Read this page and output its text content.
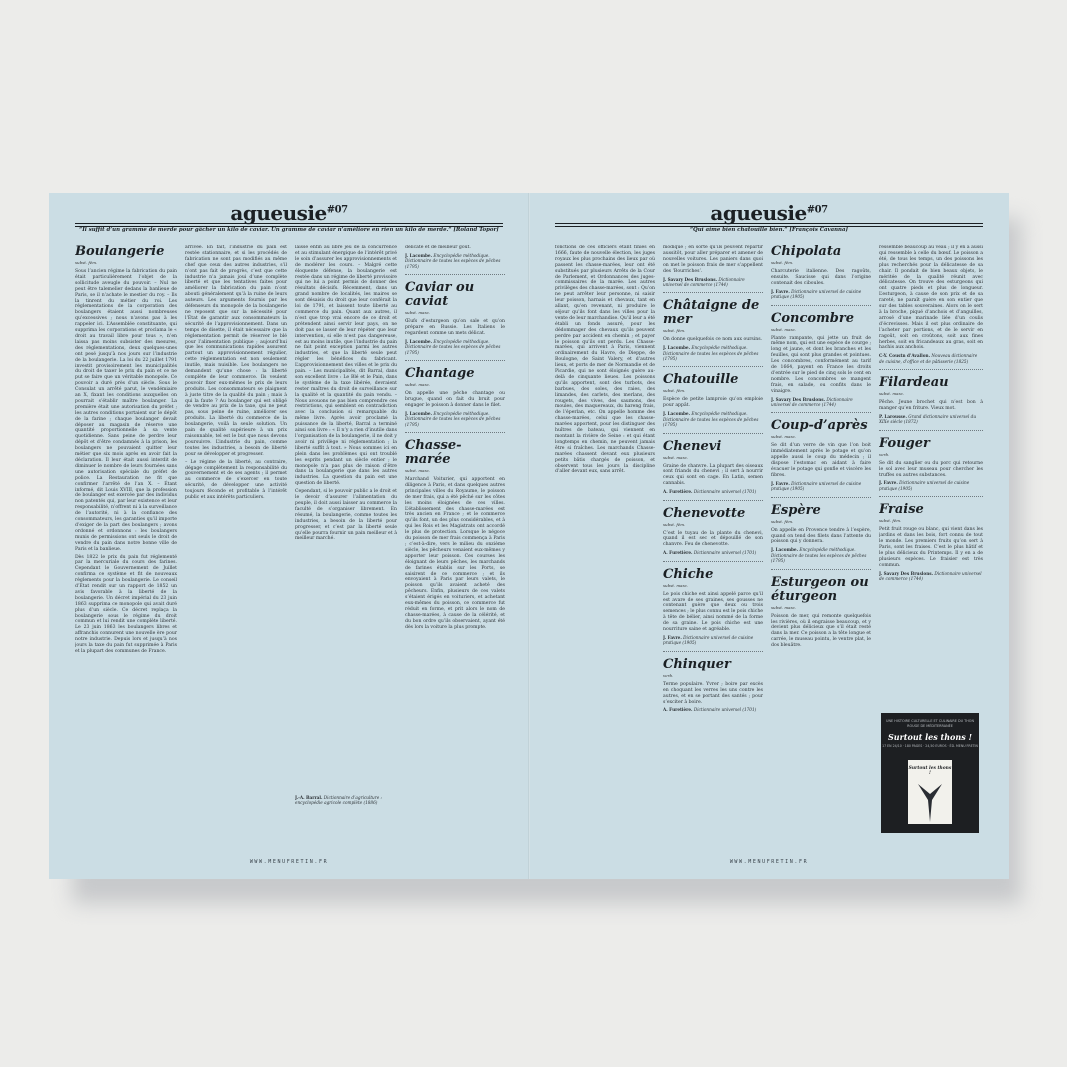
agueusie$^{\#07}$
“Il suffit d’un gramme de merde pour gâcher un kilo de caviar. Un gramme de caviar n’améliore en rien un kilo de merde.” [Roland Topor]
Boulangerie
subst. fém.

Sous l’ancien régime la fabrication du pain était particulièrement l’objet de la sollicitude aveugle du pouvoir. – Nul ne peut être talemelier dedans la banlieue de Paris, se il n’achate le mestier du roy. – Ils la tinrent du métier du roi. Les réglementations de la corporation des boulangers étaient aussi nombreuses qu’excessives ; nous n’avons pas à les rappeler ici. L’Assemblée constituante, qui supprima les corporations et proclama le « droit au travail libre pour tous », n’en laissa pas moins subsister des mesures, des règlementations, deux quelques-unes ont pesé jusqu’à nos jours sur l’industrie de la boulangerie. La loi du 22 juillet 1791 investit provisoirement les municipalités du droit de taxer le prix du pain et ce ne put se faire que un véritable monopole. Ce pouvoir a duré près d’un siècle. Sous le Consulat un arrêté parut, le vendémiaire an X, fixant les conditions auxquelles on pourrait s’établir maître boulanger. La première était une autorisation du préfet ; les autres conditions portaient sur le dépôt de la farine ; chaque boulanger devait déposer au magasin de réserve une quantité proportionnelle à sa vente quotidienne. Sans peine de perdre leur dépôt et d’être condamnés à la prison, les boulangers ne pouvaient quitter leur métier que six mois après en avoir fait la déclaration. Il leur était aussi interdit de diminuer le nombre de leurs fournées sans une autorisation spéciale du préfet de police. La Restauration ne fit que confirmer l’arrêté de l’an X. – Étant informé, dit Louis XVIII, que la profession de boulanger est exercée par des individus non patentés qui, par leur existence et leur responsabilité, n’offrent ni à la surveillance de l’autorité, ni à la confiance des consommateurs, les garanties qu’il importe d’exiger de la part des boulangers ; avons ordonné et ordonnons : les boulangers munis de permissions ont seuls le droit de vendre du pain dans notre bonne ville de Paris et la banlieue.

Dès 1822 le prix du pain fut réglementé par la mercuriale du cours des farines. Cependant le Gouvernement de Juillet confirma ce système et fit de nouveaux règlements pour la boulangerie. Le conseil d’État rendit sur un rapport de 1852 un avis favorable à la liberté de la boulangerie. Un décret impérial du 23 juin 1863 supprima ce monopole qui avait duré plus d’un siècle. Ce décret replaça la boulangerie sous le régime du droit commun et lui rendit une complète liberté. Le 23 juin 1863 les boulangers libres et affranchis connurent une nouvelle ère pour notre industrie. Depuis lors et jusqu’à nos jours la taxe du pain fut supprimée à Paris et la plupart des communes de France.

arrivée. En fait, l’industrie du pain est restée stationnaire, et si les procédés de fabrication ne sont pas modifiés au même chef que ceux des autres industries, s’il n’ont pas fait de progrès, c’est que cette industrie n’a jamais joui d’une complète liberté et que les tentatives faites pour améliorer la fabrication du pain n’ont abouti généralement qu’à la ruine de leurs auteurs. Les arguments fournis par les défenseurs du monopole de la boulangerie ne reposent que sur la nécessité pour l’État de garantir aux consommateurs la sécurité de l’approvisionnement. Dans un temps de disette, il était nécessaire que la réglementation permit de réserver le blé pour l’alimentation publique ; aujourd’hui que les communications rapides assurent partout un approvisionnement régulier, cette réglementation est non seulement inutile, mais nuisible. Les boulangers ne demandent qu’une chose : la liberté complète de leur commerce. Ils veulent pouvoir fixer eux-mêmes le prix de leurs produits. Les consommateurs se plaignent à juste titre de la qualité du pain ; mais à qui la faute ? Au boulanger qui est obligé de vendre au prix de la taxe, qui ne peut pas, sous peine de ruine, améliorer ses produits. La liberté du commerce de la boulangerie, voilà la seule solution. Un pain de qualité supérieure à un prix raisonnable, tel est le but que nous devons poursuivre. L’industrie du pain, comme toutes les industries, a besoin de liberté pour se développer et progresser.

– Le régime de la liberté, au contraire, dégage complètement la responsabilité du gouvernement et de ses agents ; il permet au commerce de s’exercer en toute sécurité, de développer une activité toujours féconde et profitable à l’intérêt public et aux intérêts particuliers.

laisse enfin au libre jeu de la concurrence et au stimulant énergique de l’intérêt privé le soin d’assurer les approvisionnements et de modérer les cours. – Malgré cette éloquente défense, la boulangerie est restée dans un régime de liberté provisoire qui ne lui a point permis de donner des résultats décisifs. Récemment, dans un grand nombre de localités, les maires se sont désaisis du droit que leur conférait la loi de 1791, et laissent toute liberté au commerce du pain. Quant aux autres, il n’est que trop vrai encore de ce droit et prétendent ainsi servir leur pays, on ne doit pas se lasser de leur répéter que leur intervention, si elle n’est pas dangereuse, est au moins inutile, que l’industrie du pain ne fait point exception parmi les autres industries, et que la liberté seule peut régler les bénéfices du fabricant. L’approvisionnement des villes et le prix du pain. – Les municipalités, dit Barral, dans son excellent livre : Le Blé et le Pain, dans le système de la taxe libérée, devraient rester maîtres du droit de surveillance sur la qualité et la quantité du pain vendu. – Nous avouons ne pas bien comprendre ces restrictions, qui semblent en contradiction avec la conclusion si remarquable du même livre. Après avoir proclamé la puissance de la liberté, Barral a terminé ainsi son livre : « Il n’y a rien d’inutile dans l’organisation de la boulangerie, il ne doit y avoir ni privilège ni réglementation ; la liberté suffit à tout. » Nous sommes ici en plein dans les problèmes qui ont troublé les esprits pendant un siècle entier ; le monopole n’a pas plus de raison d’être dans la boulangerie que dans les autres industries. La question du pain est une question de liberté.

Cependant, si le pouvoir public a le droit et le devoir d’assurer l’alimentation du peuple, il doit aussi laisser au commerce la faculté de s’organiser librement. En résumé, la boulangerie, comme toutes les industries, a besoin de la liberté pour progresser, et c’est par la liberté seule qu’elle pourra fournir un pain meilleur et à meilleur marché.

J.-A. Barral. Dictionnaire d’agriculture : encyclopédie agricole complète (1886)
délicate et de meilleur goût.
J. Lacombe. Encyclopédie méthodique. Dictionnaire de toutes les espèces de pêches (1795)
Caviar ou caviat
subst. masc.
Œufs d’esturgeon qu’on sale et qu’on prépare en Russie. Les Italiens le regardent comme un mets délicat.
J. Lacombe. Encyclopédie méthodique. Dictionnaire de toutes les espèces de pêches (1795)
Chantage
subst. masc.
On appelle une pêche chantage ou brugue, quand on fait du bruit pour engager le poisson à donner dans le filet.
J. Lacombe. Encyclopédie méthodique. Dictionnaire de toutes les espèces de pêches (1795)
Chasse-marée
subst. masc.
Marchand Voiturier, qui apportent en diligence à Paris, et dans quelques autres principales villes du Royaume, le poisson de mer frais, qui a été pêché sur les côtes les moins éloignées de ces villes. L’établissement des chasse-marées est très ancien en France ; et le commerce qu’ils font, un des plus considérables, et à qui les Rois et les Magistrats ont accordé le plus de protection. Lorsque le négoce du poisson de mer frais commença à Paris ; c’est-à-dire, vers le milieu du onzième siècle, les pêcheurs venaient eux-mêmes y apporter leur poisson. Ces courses les éloignant de leurs pêches, les marchands de farines établis sur les Ports, se saisirent de ce commerce ; et ils envoyaient à Paris par leurs valets, le poisson qu’ils avaient acheté des pêcheurs. Enfin, plusieurs de ces valets s’étaient érigés en voituriers, et achetant eux-mêmes du poisson, ce commerce fut réduit en forme, et prit alors le nom de chasse-marées, à cause de la célérité, et du bon ordre qu’ils observaient, ayant été dès lors la voiture la plus prompte.
WWW.MENUFRETIN.FR
agueusie$^{\#07}$
“Qui aime bien chatouille bien.” [François Cavanna]
fonctions de ces officiers étant finies en 1666, faute de nouvelle élection, les juges royaux les plus prochains des lieux par où passent les chasse-marées, leur ont été substitués par plusieurs Arrêts de la Cour de Parlement, et Ordonnances des juges-commissaires de la marée. Les autres privilèges des chasse-marées, sont : Qu’on ne peut arrêter leur personne, ni saisir leur poisson, harnais et chevaux, tant en allant, qu’en revenant, ni produire le séjour qu’ils font dans les villes pour la vente de leur marchandise. Qu’il leur a été établi un fonds assuré, pour les dédommager des chevaux qu’ils peuvent perdre par accident en chemin ; et payer le poisson qu’ils ont perdu. Les Chasse-marées, qui arrivent à Paris, viennent ordinairement du Havre, de Dieppe, de Boulogne, de Saint Valery, et d’autres lieux, et ports de mer de Normandie et de Picardie, qui ne sont éloignés guère au-delà de cinquante lieues. Les poissons qu’ils apportent, sont des turbots, des barbues, des soles, des raies, des limandes, des carlets, des merlans, des rougets, des vives, des saumons, des moules, des maquereaux, du hareng frais, de l’éperlan, etc. On appelle homme des chasse-marées, celui que les chasse-marées apportent, pour les distinguer des huîtres de bateau, qui viennent en montant la rivière de Seine : et qui étant longtemps en chemin, ne peuvent jamais être si fraîches. Les marchands Chasse-marées chassent devant eux plusieurs petits bâtis chargés de poisson, et observent tous les jours la discipline d’aller devant eux, sans arrêt.
modique ; en sorte qu’ils peuvent repartir aussitôt, pour aller préparer et amener de nouvelles voitures. Les paniers dans quoi on met le poisson frais de mer s’appellent des ‘Bourriches’.
J. Savary Des Bruslons. Dictionnaire universel de commerce (1744)
Châtaigne de mer
subst. fém.
On donne quelquefois ce nom aux oursins.
J. Lacombe. Encyclopédie méthodique. Dictionnaire de toutes les espèces de pêches (1795)
Chatouille
subst. fém.
Espèce de petite lamproie qu’on emploie pour appât.
J. Lacombe. Encyclopédie méthodique. Dictionnaire de toutes les espèces de pêches (1795)
Chenevi
subst. masc.
Graine de chanvre. La plupart des oiseaux sont friands du chenevi ; il sert à nourrir ceux qui sont en cage. En Latin, semen cannabis.
A. Furetière. Dictionnaire universel (1701)
Chenevotte
subst. fém.
C’est le tuyau de la plante du chenevi, quand il est sec et dépouillé de son chanvre. Feu de chenevotte.
A. Furetière. Dictionnaire universel (1701)
Chiche
subst. masc.
Le pois chiche est ainsi appelé parce qu’il est avare de ses graines, ses gousses ne contenant guère que deux ou trois semences ; le plus connu est le pois chiche à tête de bélier, ainsi nommé de la forme de sa graine. Le pois chiche est une nourriture saine et agréable.
J. Favre. Dictionnaire universel de cuisine pratique (1905)
Chinquer
verb.
Terme populaire. Yvrer ; boire par excès en choquant les verres les uns contre les autres, et en se portant des santés ; pour s’exciter à boire.
A. Furetière. Dictionnaire universel (1701)
Chipolata
subst. fém.
Charcuterie italienne. Des ragoûts, ensuite. Saucisse qui dans l’origine contenait des ciboules.
J. Favre. Dictionnaire universel de cuisine pratique (1905)
Concombre
subst. masc.
Plante rampante, qui jette un fruit de même nom, qui est une espèce de courge ; long et jaune, et dont les branches et les feuilles, qui sont plus grandes et pointues. Les concombres, conformément au tarif de 1664, payent en France les droits d’entrée sur le pied de cinq sols le cent en nombre. Les concombres se mangent frais, en salade, ou confits dans le vinaigre.
J. Savary Des Bruslons. Dictionnaire universel de commerce (1744)
Coup-d’après
subst. masc.
Se dit d’un verre de vin que l’on boit immédiatement après le potage et qu’on appelle aussi le coup du médecin ; il dispose l’estomac en aidant à faire évacuer le potage qui gonfle et viscère les fibres.
J. Favre. Dictionnaire universel de cuisine pratique (1905)
Espère
subst. fém.
On appelle en Provence tendre à l’espère, quand on tend des filets dans l’attente du poisson qui y donnera.
J. Lacombe. Encyclopédie méthodique. Dictionnaire de toutes les espèces de pêches (1795)
Esturgeon ou éturgeon
subst. masc.
Poisson de mer, qui remonte quelquefois les rivières, où il engraisse beaucoup, et y devient plus délicieux que s’il était resté dans la mer. Ce poisson a la tête longue et carrée, le museau pointu, le ventre plat, le dos bleuâtre.
ressemble beaucoup au veau ; il y en a aussi qui ressemble à celle du bœuf. Le poisson a été, de tous les temps, un des poissons les plus recherchés pour la délicatesse de sa chair. Il pondait de bien beaux objets, le méritée de la qualité réunit avec délicatesse. On trouve des esturgeons qui ont quatre pieds et plus de longueur. L’esturgeon, à cause de son prix et de sa rareté, ne paraît guère en son entier que sur des tables souveraines. Alors on le sert à la broche, piqué d’anchois et d’anguilles, arrosé d’une marinade liée d’un coulis d’écrevisses. Mais il est plus ordinaire de l’acheter par portions, et de le servir en ragoût, soit en croûtons, soit aux fines herbes, soit en fricandeaux au gras, soit en hachis aux anchois.
C-Y. Coustn d’Avallon. Nouveau dictionnaire de cuisine, d’office et de pâtisserie (1825)
Filardeau
subst. masc.
Pêche. Jeune brochet qui n’est bon à manger qu’en friture. Vieux mot.
P. Larousse. Grand dictionnaire universel du XIXe siècle (1872)
Fouger
verb.
Se dit du sanglier ou du porc qui retourne le sol avec leur museau pour chercher les truffes ou autres substances.
J. Favre. Dictionnaire universel de cuisine pratique (1905)
Fraise
subst. fém.
Petit fruit rouge ou blanc, qui vient dans les jardins et dans les bois, fort connu de tout le monde. Les premiers fruits qu’on sert à Paris, sont les fraises. C’est le plus hâtif et le plus délicieux du Printemps. Il y en a de plusieurs espèces. Le fraisier est très commun.
J. Savary Des Bruslons. Dictionnaire universel de commerce (1744)
UNE HISTOIRE CULTURELLE ET CULINAIRE DU THON ROUGE DE MÉDITERRANÉE
Surtout les thons !
17 EN 24/10 · 180 PAGES · 24,50 EUROS · ÉD. MENU FRETIN
Surtout les thons !
WWW.MENUFRETIN.FR
